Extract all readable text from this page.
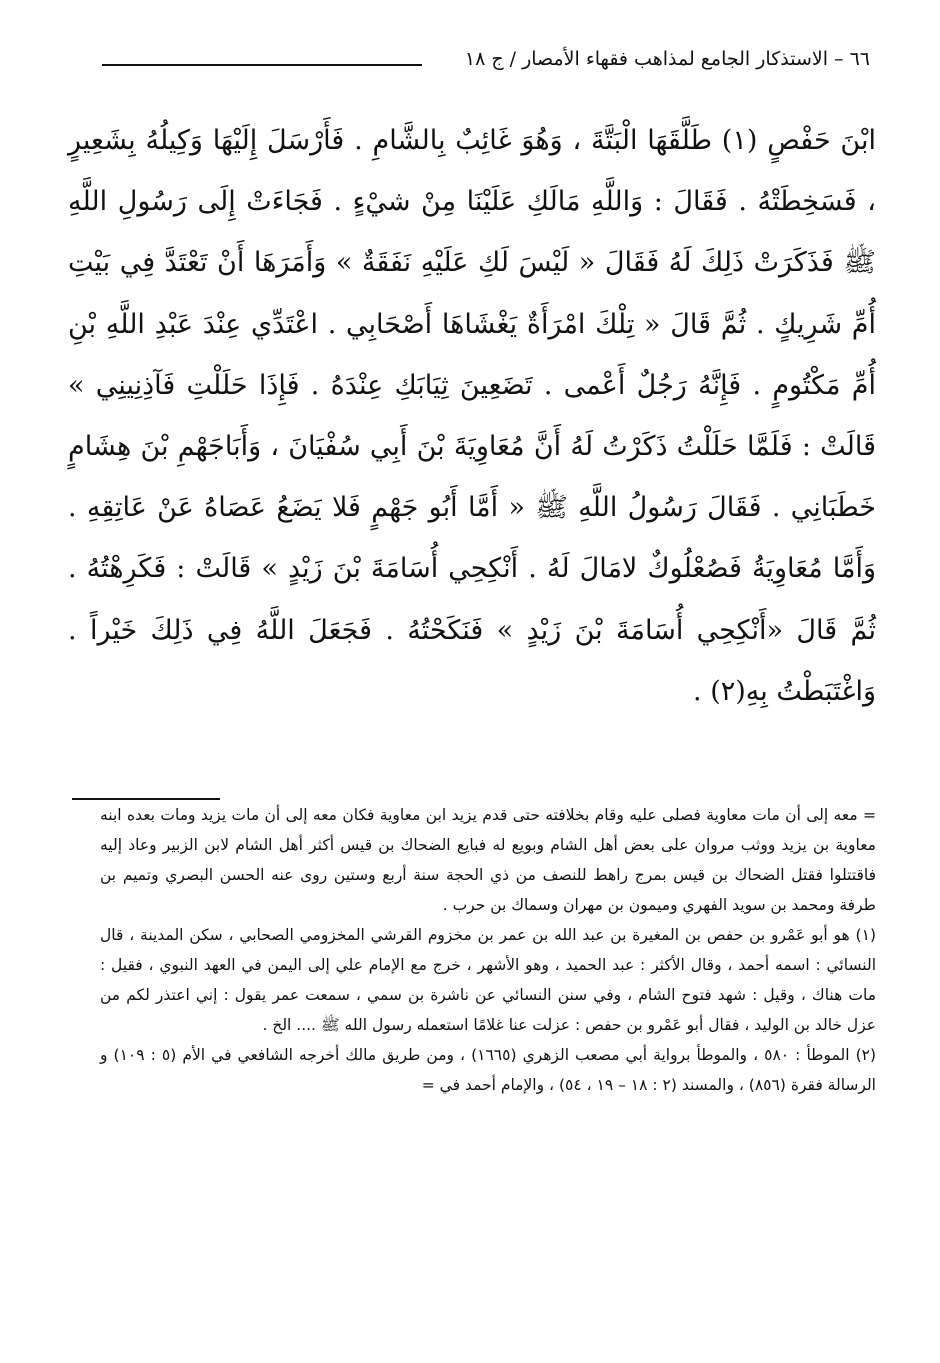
٦٦ – الاستذكار الجامع لمذاهب فقهاء الأمصار / ج ١٨

ابْنَ حَفْصٍ (١) طَلَّقَهَا الْبَتَّةَ ، وَهُوَ غَائِبٌ بِالشَّامِ . فَأَرْسَلَ إِلَيْهَا وَكِيلُهُ بِشَعِيرٍ ، فَسَخِطَتْهُ . فَقَالَ : وَاللَّهِ مَالَكِ عَلَيْنَا مِنْ شيْءٍ . فَجَاءَتْ إِلَى رَسُولِ اللَّهِ ﷺ فَذَكَرَتْ ذَلِكَ لَهُ فَقَالَ « لَيْسَ لَكِ عَلَيْهِ نَفَقَةٌ » وَأَمَرَهَا أَنْ تَعْتَدَّ فِي بَيْتِ أُمِّ شَرِيكٍ . ثُمَّ قَالَ « تِلْكَ امْرَأَةٌ يَغْشَاهَا أَصْحَابِي . اعْتَدِّي عِنْدَ عَبْدِ اللَّهِ بْنِ أُمِّ مَكْتُومٍ . فَإِنَّهُ رَجُلٌ أَعْمى . تَضَعِينَ ثِيَابَكِ عِنْدَهُ . فَإِذَا حَلَلْتِ فَآذِنِينِي » قَالَتْ : فَلَمَّا حَلَلْتُ ذَكَرْتُ لَهُ أَنَّ مُعَاوِيَةَ بْنَ أَبِي سُفْيَانَ ، وَأَبَاجَهْمِ بْنَ هِشَامٍ خَطَبَانِي . فَقَالَ رَسُولُ اللَّهِ ﷺ « أَمَّا أَبُو جَهْمٍ فَلا يَضَعُ عَصَاهُ عَنْ عَاتِقِهِ . وَأَمَّا مُعَاوِيَةُ فَصُعْلُوكٌ لامَالَ لَهُ . أَنْكِحِي أُسَامَةَ بْنَ زَيْدٍ » قَالَتْ : فَكَرِهْتُهُ . ثُمَّ قَالَ «أَنْكِحِي أُسَامَةَ بْنَ زَيْدٍ » فَنَكَحْتُهُ . فَجَعَلَ اللَّهُ فِي ذَلِكَ خَيْراً . وَاغْتَبَطْتُ بِهِ(٢) .

= معه إلى أن مات معاوية فصلى عليه وقام بخلافته حتى قدم يزيد ابن معاوية فكان معه إلى أن مات يزيد ومات بعده ابنه معاوية بن يزيد ووثب مروان على بعض أهل الشام وبويع له فبايع الضحاك بن قيس أكثر أهل الشام لابن الزبير وعاد إليه فاقتتلوا فقتل الضحاك بن قيس بمرج راهط للنصف من ذي الحجة سنة أربع وستين روى عنه الحسن البصري وتميم بن طرفة ومحمد بن سويد الفهري وميمون بن مهران وسماك بن حرب .

(١) هو أبو عَمْرو بن حفص بن المغيرة بن عبد الله بن عمر بن مخزوم القرشي المخزومي الصحابي ، سكن المدينة ، قال النسائي : اسمه أحمد ، وقال الأكثر : عبد الحميد ، وهو الأشهر ، خرج مع الإمام علي إلى اليمن في العهد النبوي ، فقيل : مات هناك ، وقيل : شهد فتوح الشام ، وفي سنن النسائي عن ناشرة بن سمي ، سمعت عمر يقول : إني اعتذر لكم من عزل خالد بن الوليد ، فقال أبو عَمْرو بن حفص : عزلت عنا غلامًا استعمله رسول الله ﷺ .... الخ .

(٢) الموطأ : ٥٨٠ ، والموطأ برواية أبي مصعب الزهري (١٦٦٥) ، ومن طريق مالك أخرجه الشافعي في الأم (٥ : ١٠٩) و الرسالة فقرة (٨٥٦) ، والمسند (٢ : ١٨ – ١٩ ، ٥٤) ، والإمام أحمد في =
